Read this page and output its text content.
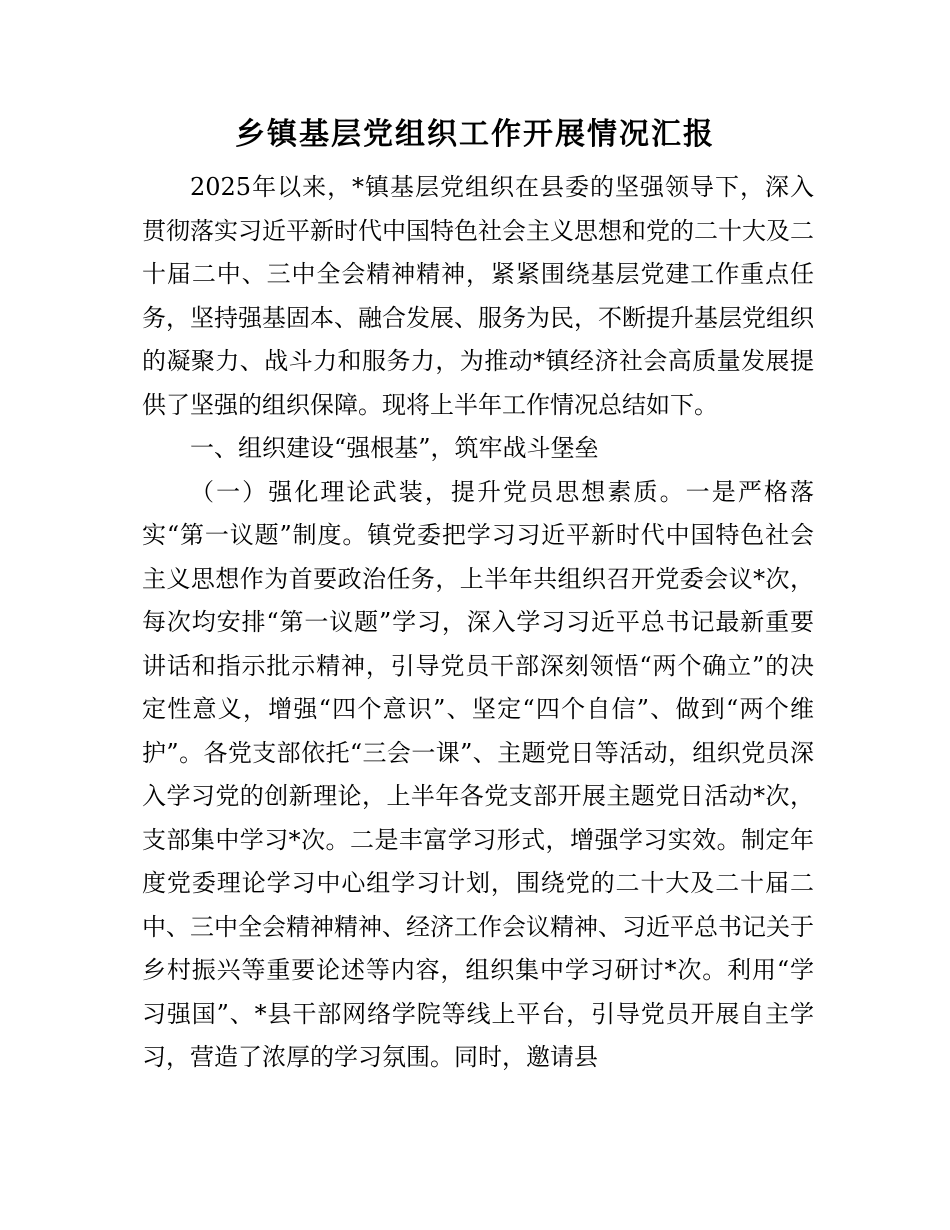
乡镇基层党组织工作开展情况汇报

2025年以来，*镇基层党组织在县委的坚强领导下，深入贯彻落实习近平新时代中国特色社会主义思想和党的二十大及二十届二中、三中全会精神精神，紧紧围绕基层党建工作重点任务，坚持强基固本、融合发展、服务为民，不断提升基层党组织的凝聚力、战斗力和服务力，为推动*镇经济社会高质量发展提供了坚强的组织保障。现将上半年工作情况总结如下。

一、组织建设“强根基”，筑牢战斗堡垒

（一）强化理论武装，提升党员思想素质。一是严格落实“第一议题”制度。镇党委把学习习近平新时代中国特色社会主义思想作为首要政治任务，上半年共组织召开党委会议*次，每次均安排“第一议题”学习，深入学习习近平总书记最新重要讲话和指示批示精神，引导党员干部深刻领悟“两个确立”的决定性意义，增强“四个意识”、坚定“四个自信”、做到“两个维护”。各党支部依托“三会一课”、主题党日等活动，组织党员深入学习党的创新理论，上半年各党支部开展主题党日活动*次，支部集中学习*次。二是丰富学习形式，增强学习实效。制定年度党委理论学习中心组学习计划，围绕党的二十大及二十届二中、三中全会精神精神、经济工作会议精神、习近平总书记关于乡村振兴等重要论述等内容，组织集中学习研讨*次。利用“学习强国”、*县干部网络学院等线上平台，引导党员开展自主学习，营造了浓厚的学习氛围。同时，邀请县
